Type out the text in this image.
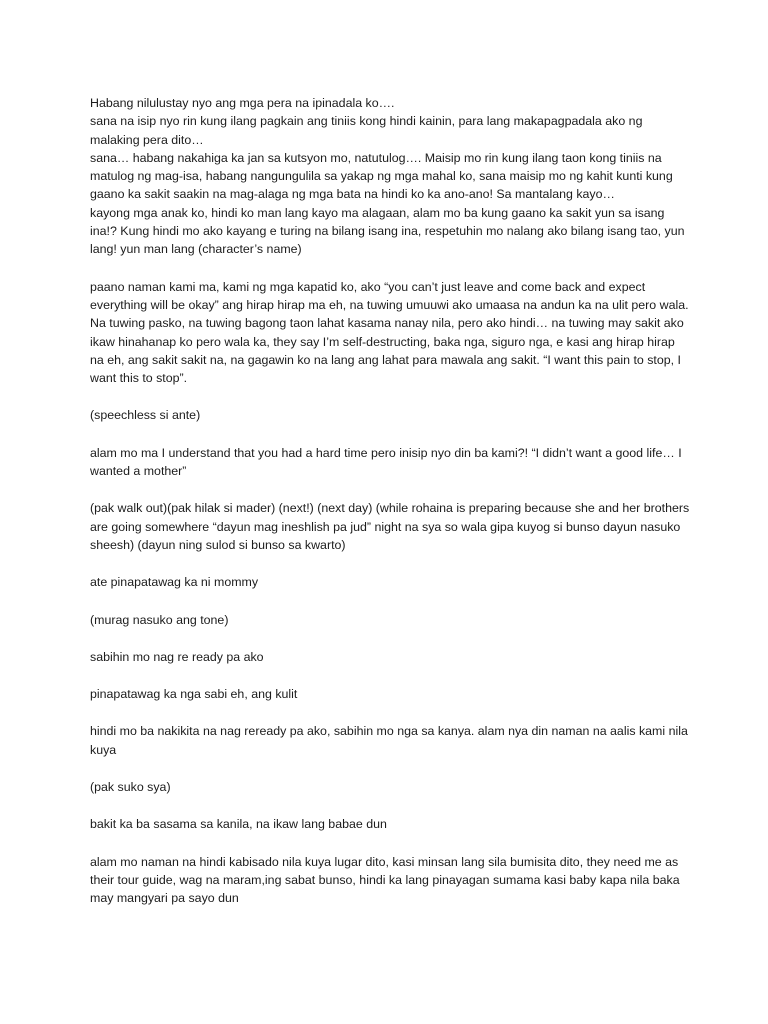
Habang nilulustay nyo ang mga pera na ipinadala ko….
sana na isip nyo rin kung ilang pagkain ang tiniis kong hindi kainin, para lang makapagpadala ako ng malaking pera dito…
sana… habang nakahiga ka jan sa kutsyon mo, natutulog…. Maisip mo rin kung ilang taon kong tiniis na matulog ng mag-isa, habang nangungulila sa yakap ng mga mahal ko, sana maisip mo ng kahit kunti kung gaano ka sakit saakin na mag-alaga ng mga bata na hindi ko ka ano-ano! Sa mantalang kayo…
kayong mga anak ko, hindi ko man lang kayo ma alagaan, alam mo ba kung gaano ka sakit yun sa isang ina!? Kung hindi mo ako kayang e turing na bilang isang ina, respetuhin mo nalang ako bilang isang tao, yun lang! yun man lang (character’s name)

paano naman kami ma, kami ng mga kapatid ko, ako “you can’t just leave and come back and expect everything will be okay” ang hirap hirap ma eh, na tuwing umuuwi ako umaasa na andun ka na ulit pero wala. Na tuwing pasko, na tuwing bagong taon lahat kasama nanay nila, pero ako hindi… na tuwing may sakit ako ikaw hinahanap ko pero wala ka, they say I’m self-destructing, baka nga, siguro nga, e kasi ang hirap hirap na eh, ang sakit sakit na, na gagawin ko na lang ang lahat para mawala ang sakit. “I want this pain to stop, I want this to stop”.

(speechless si ante)

alam mo ma I understand that you had a hard time pero inisip nyo din ba kami?! “I didn’t want a good life… I wanted a mother”

(pak walk out)(pak hilak si mader) (next!) (next day) (while rohaina is preparing because she and her brothers are going somewhere “dayun mag ineshlish pa jud” night na sya so wala gipa kuyog si bunso dayun nasuko sheesh) (dayun ning sulod si bunso sa kwarto)

ate pinapatawag ka ni mommy

(murag nasuko ang tone)

sabihin mo nag re ready pa ako

pinapatawag ka nga sabi eh, ang kulit

hindi mo ba nakikita na nag reready pa ako, sabihin mo nga sa kanya. alam nya din naman na aalis kami nila kuya

(pak suko sya)

bakit ka ba sasama sa kanila, na ikaw lang babae dun

alam mo naman na hindi kabisado nila kuya lugar dito, kasi minsan lang sila bumisita dito, they need me as their tour guide, wag na maram,ing sabat bunso, hindi ka lang pinayagan sumama kasi baby kapa nila baka may mangyari pa sayo dun
